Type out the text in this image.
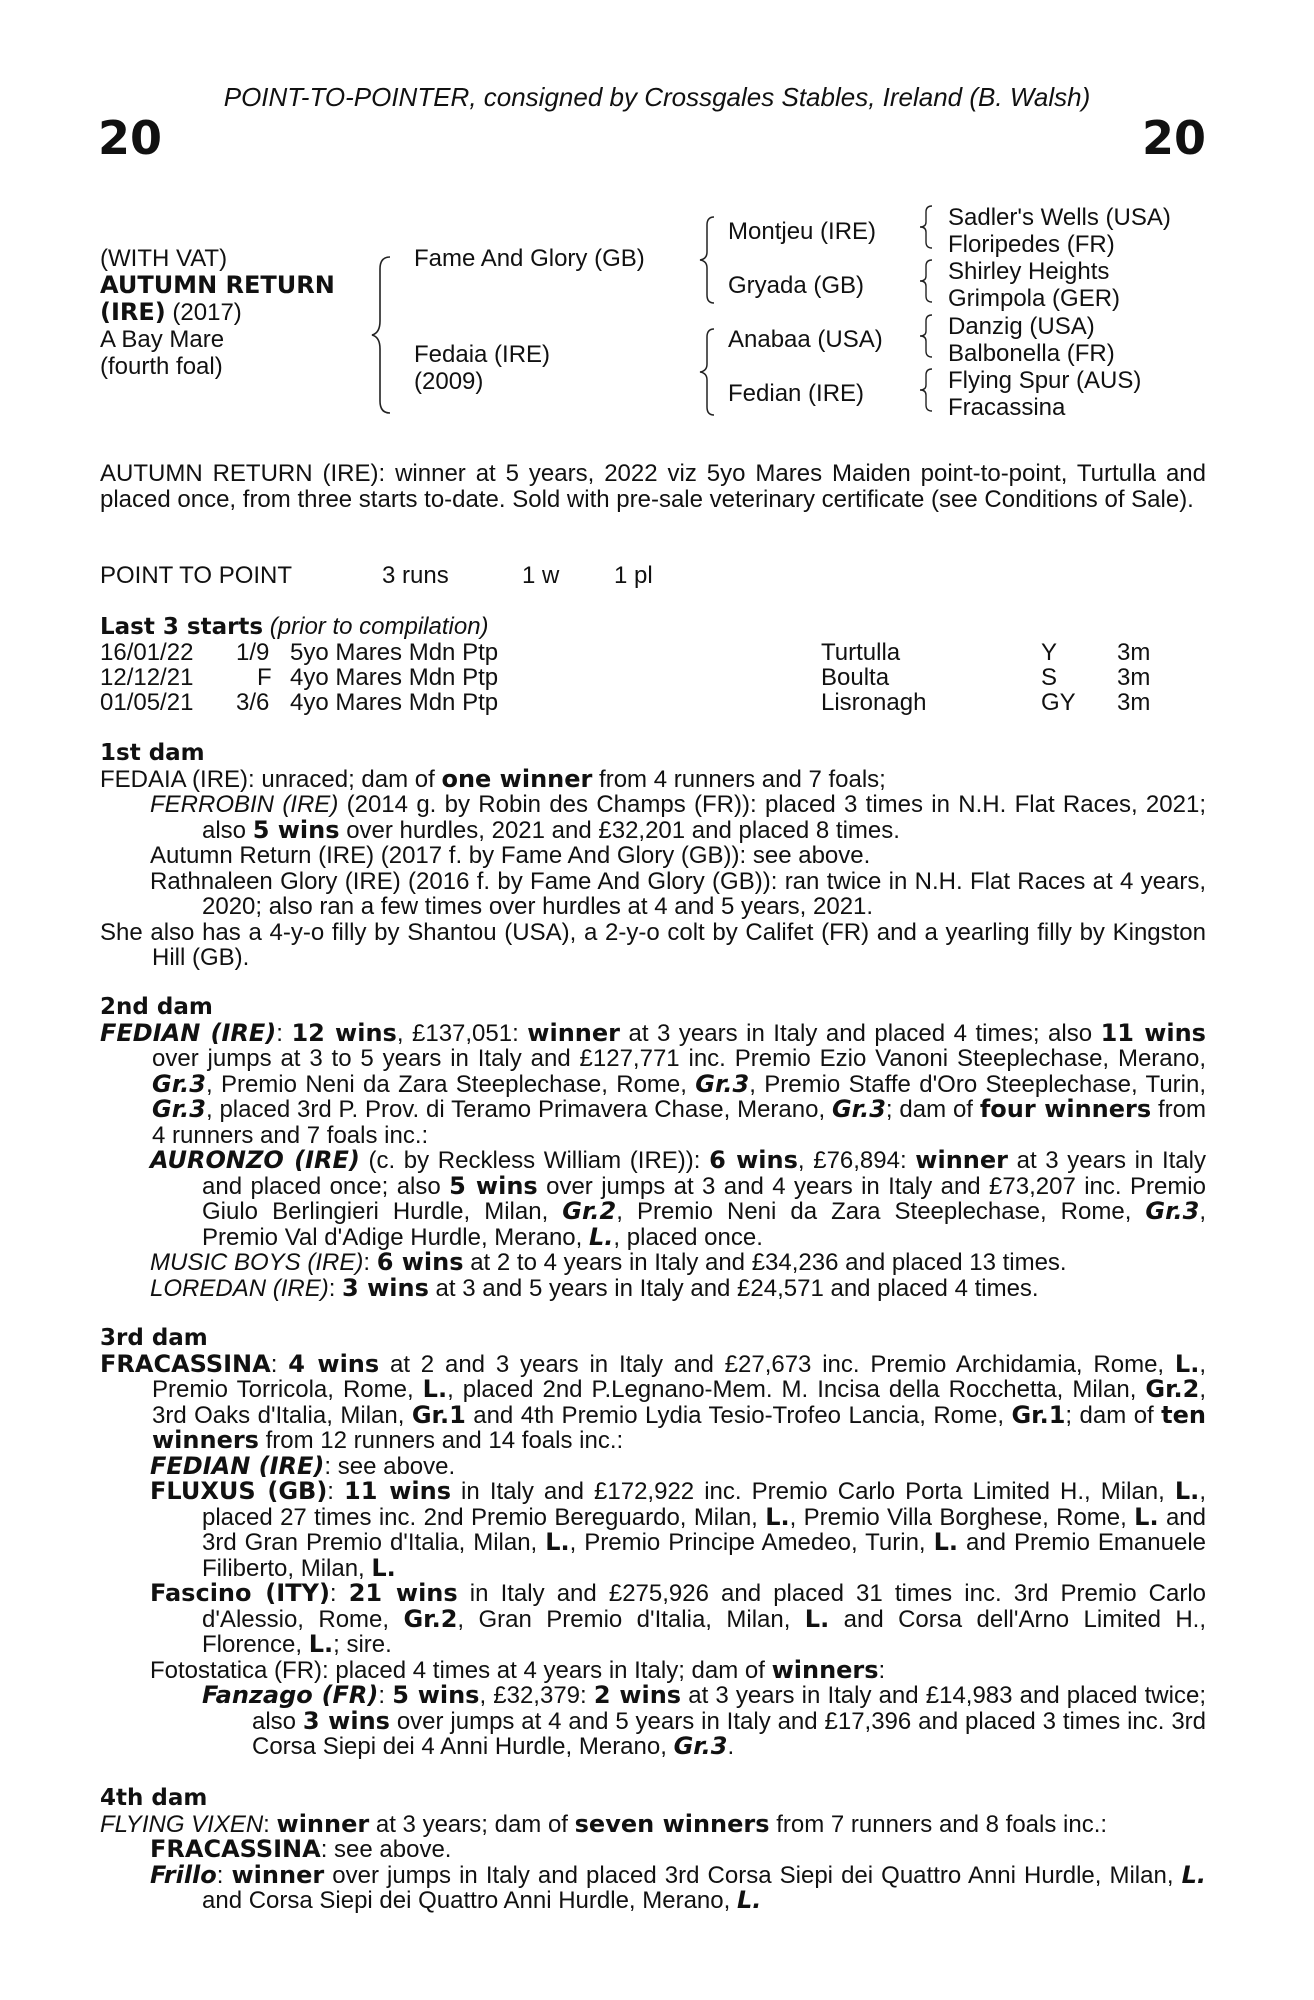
POINT-TO-POINTER, consigned by Crossgales Stables, Ireland (B. Walsh)
20	20
(WITH VAT)
AUTUMN RETURN
(IRE) (2017)
A Bay Mare
(fourth foal)
Fame And Glory (GB)
Fedaia (IRE)
(2009)
Montjeu (IRE)
Gryada (GB)
Anabaa (USA)
Fedian (IRE)
Sadler's Wells (USA)
Floripedes (FR)
Shirley Heights
Grimpola (GER)
Danzig (USA)
Balbonella (FR)
Flying Spur (AUS)
Fracassina
AUTUMN RETURN (IRE): winner at 5 years, 2022 viz 5yo Mares Maiden point-to-point, Turtulla and placed once, from three starts to-date. Sold with pre-sale veterinary certificate (see Conditions of Sale).
POINT TO POINT	3 runs	1 w 1 pl
Last 3 starts (prior to compilation)
16/01/22 1/9 5yo Mares Mdn Ptp	Turtulla	Y 3m
12/12/21	F 4yo Mares Mdn Ptp	Boulta	S 3m
01/05/21 3/6 4yo Mares Mdn Ptp	Lisronagh	GY 3m
1st dam

FEDAIA (IRE): unraced; dam of one winner from 4 runners and 7 foals;

FERROBIN (IRE) (2014 g. by Robin des Champs (FR)): placed 3 times in N.H. Flat Races, 2021; also 5 wins over hurdles, 2021 and £32,201 and placed 8 times.

Autumn Return (IRE) (2017 f. by Fame And Glory (GB)): see above.

Rathnaleen Glory (IRE) (2016 f. by Fame And Glory (GB)): ran twice in N.H. Flat Races at 4 years, 2020; also ran a few times over hurdles at 4 and 5 years, 2021.

She also has a 4-y-o filly by Shantou (USA), a 2-y-o colt by Califet (FR) and a yearling filly by Kingston Hill (GB).

2nd dam

FEDIAN (IRE): 12 wins, £137,051: winner at 3 years in Italy and placed 4 times; also 11 wins over jumps at 3 to 5 years in Italy and £127,771 inc. Premio Ezio Vanoni Steeplechase, Merano, Gr.3, Premio Neni da Zara Steeplechase, Rome, Gr.3, Premio Staffe d'Oro Steeplechase, Turin, Gr.3, placed 3rd P. Prov. di Teramo Primavera Chase, Merano, Gr.3; dam of four winners from 4 runners and 7 foals inc.:

AURONZO (IRE) (c. by Reckless William (IRE)): 6 wins, £76,894: winner at 3 years in Italy and placed once; also 5 wins over jumps at 3 and 4 years in Italy and £73,207 inc. Premio Giulo Berlingieri Hurdle, Milan, Gr.2, Premio Neni da Zara Steeplechase, Rome, Gr.3, Premio Val d'Adige Hurdle, Merano, L., placed once.

MUSIC BOYS (IRE): 6 wins at 2 to 4 years in Italy and £34,236 and placed 13 times.

LOREDAN (IRE): 3 wins at 3 and 5 years in Italy and £24,571 and placed 4 times.

3rd dam

FRACASSINA: 4 wins at 2 and 3 years in Italy and £27,673 inc. Premio Archidamia, Rome, L., Premio Torricola, Rome, L., placed 2nd P.Legnano-Mem. M. Incisa della Rocchetta, Milan, Gr.2, 3rd Oaks d'Italia, Milan, Gr.1 and 4th Premio Lydia Tesio-Trofeo Lancia, Rome, Gr.1; dam of ten winners from 12 runners and 14 foals inc.:

FEDIAN (IRE): see above.

FLUXUS (GB): 11 wins in Italy and £172,922 inc. Premio Carlo Porta Limited H., Milan, L., placed 27 times inc. 2nd Premio Bereguardo, Milan, L., Premio Villa Borghese, Rome, L. and 3rd Gran Premio d'Italia, Milan, L., Premio Principe Amedeo, Turin, L. and Premio Emanuele Filiberto, Milan, L.

Fascino (ITY): 21 wins in Italy and £275,926 and placed 31 times inc. 3rd Premio Carlo d'Alessio, Rome, Gr.2, Gran Premio d'Italia, Milan, L. and Corsa dell'Arno Limited H., Florence, L.; sire.

Fotostatica (FR): placed 4 times at 4 years in Italy; dam of winners:

Fanzago (FR): 5 wins, £32,379: 2 wins at 3 years in Italy and £14,983 and placed twice; also 3 wins over jumps at 4 and 5 years in Italy and £17,396 and placed 3 times inc. 3rd Corsa Siepi dei 4 Anni Hurdle, Merano, Gr.3.

4th dam

FLYING VIXEN: winner at 3 years; dam of seven winners from 7 runners and 8 foals inc.:

FRACASSINA: see above.

Frillo: winner over jumps in Italy and placed 3rd Corsa Siepi dei Quattro Anni Hurdle, Milan, L. and Corsa Siepi dei Quattro Anni Hurdle, Merano, L.
